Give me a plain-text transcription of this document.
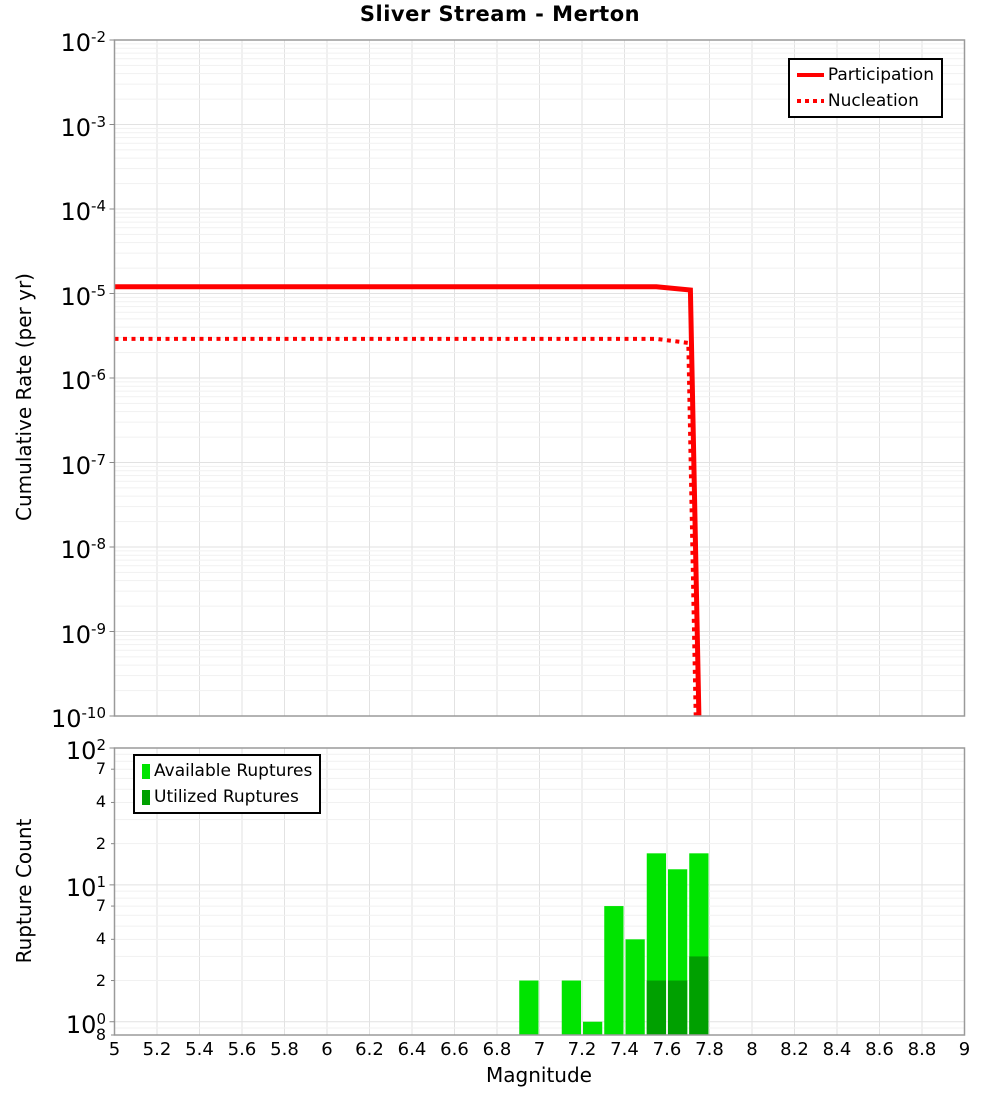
$10^{-2}$
$10^{-3}$
$10^{-4}$
$10^{-5}$
$10^{-6}$
$10^{-7}$
$10^{-8}$
$10^{-9}$
$10^{-10}$
$10^2$
7
4
2
$10^1$
7
4
2
$10^0$
8
5	5.2 5.4 5.6 5.8	6	6.2 6.4 6.6 6.8	7	7.2 7.4 7.6 7.8	8	8.2 8.4 8.6 8.8	9
Sliver Stream - Merton
Cumulative Rate (per yr)
Rupture Count
Magnitude
Participation
Nucleation
Available Ruptures
Utilized Ruptures
